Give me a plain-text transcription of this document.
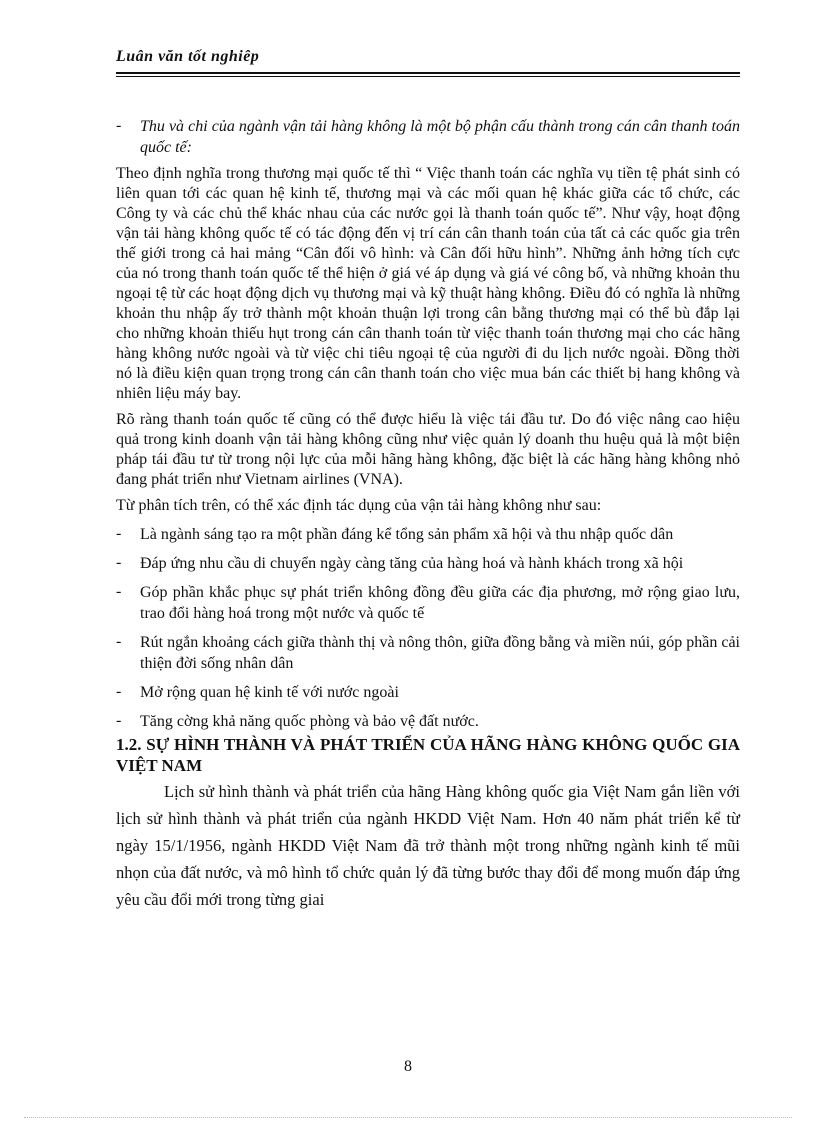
Luân văn tốt nghiêp
-	Thu và chi của ngành vận tải hàng không là một bộ phận cấu thành trong cán cân thanh toán quốc tế:

Theo định nghĩa trong thương mại quốc tế thì “ Việc thanh toán các nghĩa vụ tiền tệ phát sinh có liên quan tới các quan hệ kinh tế, thương mại và các mối quan hệ khác giữa các tổ chức, các Công ty và các chủ thể khác nhau của các nước gọi là thanh toán quốc tế”. Như vậy, hoạt động vận tải hàng không quốc tế có tác động đến vị trí cán cân thanh toán của tất cả các quốc gia trên thế giới trong cả hai mảng “Cân đối vô hình: và Cân đối hữu hình”. Những ảnh hởng tích cực của nó trong thanh toán quốc tế thể hiện ở giá vé áp dụng và giá vé công bố, và những khoản thu ngoại tệ từ các hoạt động dịch vụ thương mại và kỹ thuật hàng không. Điều đó có nghĩa là những khoản thu nhập ấy trở thành một khoản thuận lợi trong cân bằng thương mại có thể bù đắp lại cho những khoản thiếu hụt trong cán cân thanh toán từ việc thanh toán thương mại cho các hãng hàng không nước ngoài và từ việc chi tiêu ngoại tệ của người đi du lịch nước ngoài. Đồng thời nó là điều kiện quan trọng trong cán cân thanh toán cho việc mua bán các thiết bị hang không và nhiên liệu máy bay.

Rõ ràng thanh toán quốc tế cũng có thể được hiểu là việc tái đầu tư. Do đó việc nâng cao hiệu quả trong kinh doanh vận tải hàng không cũng như việc quản lý doanh thu huệu quả là một biện pháp tái đầu tư từ trong nội lực của mỗi hãng hàng không, đặc biệt là các hãng hàng không nhỏ đang phát triển như Vietnam airlines (VNA).

Từ phân tích trên, có thể xác định tác dụng của vận tải hàng không như sau:

-	Là ngành sáng tạo ra một phần đáng kể tổng sản phẩm xã hội và thu nhập quốc dân
-	Đáp ứng nhu cầu di chuyển ngày càng tăng của hàng hoá và hành khách trong xã hội
-	Góp phần khắc phục sự phát triển không đồng đều giữa các địa phương, mở rộng giao lưu, trao đổi hàng hoá trong một nước và quốc tế
-	Rút ngắn khoảng cách giữa thành thị và nông thôn, giữa đồng bằng và miền núi, góp phần cải thiện đời sống nhân dân
-	Mở rộng quan hệ kinh tế với nước ngoài
-	Tăng cờng khả năng quốc phòng và bảo vệ đất nước.

1.2. SỰ HÌNH THÀNH VÀ PHÁT TRIỂN CỦA HÃNG HÀNG KHÔNG QUỐC GIA VIỆT NAM

Lịch sử hình thành và phát triển của hãng Hàng không quốc gia Việt Nam gắn liền với lịch sử hình thành và phát triển của ngành HKDD Việt Nam. Hơn 40 năm phát triển kể từ ngày 15/1/1956, ngành HKDD Việt Nam đã trở thành một trong những ngành kinh tế mũi nhọn của đất nước, và mô hình tổ chức quản lý đã từng bước thay đổi để mong muốn đáp ứng yêu cầu đổi mới trong từng giai

8
